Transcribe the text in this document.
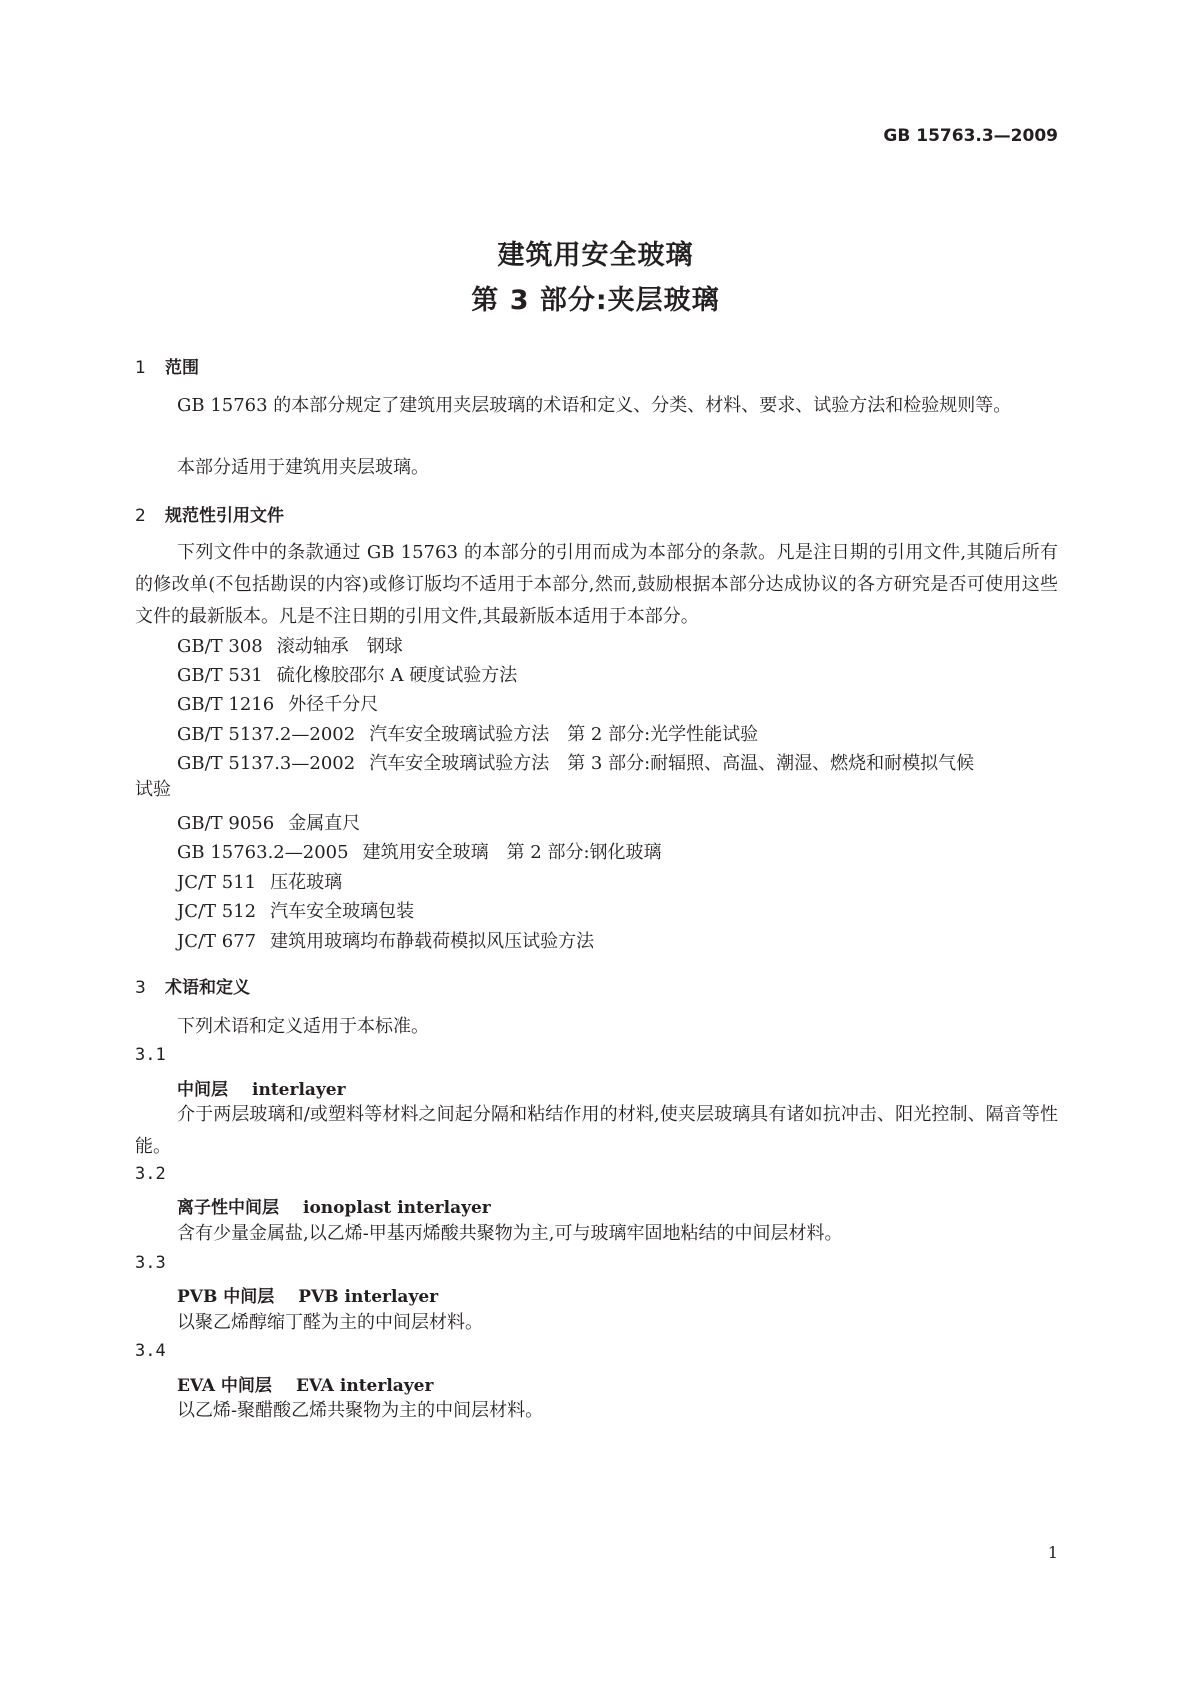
GB 15763.3—2009
建筑用安全玻璃
第 3 部分:夹层玻璃
1 范围
GB 15763 的本部分规定了建筑用夹层玻璃的术语和定义、分类、材料、要求、试验方法和检验规则等。
本部分适用于建筑用夹层玻璃。
2 规范性引用文件
下列文件中的条款通过 GB 15763 的本部分的引用而成为本部分的条款。凡是注日期的引用文件,其随后所有的修改单(不包括勘误的内容)或修订版均不适用于本部分,然而,鼓励根据本部分达成协议的各方研究是否可使用这些文件的最新版本。凡是不注日期的引用文件,其最新版本适用于本部分。
GB/T 308 滚动轴承 钢球
GB/T 531 硫化橡胶邵尔 A 硬度试验方法
GB/T 1216 外径千分尺
GB/T 5137.2—2002 汽车安全玻璃试验方法 第 2 部分:光学性能试验
GB/T 5137.3—2002 汽车安全玻璃试验方法 第 3 部分:耐辐照、高温、潮湿、燃烧和耐模拟气候
试验
GB/T 9056 金属直尺
GB 15763.2—2005 建筑用安全玻璃 第 2 部分:钢化玻璃
JC/T 511 压花玻璃
JC/T 512 汽车安全玻璃包装
JC/T 677 建筑用玻璃均布静载荷模拟风压试验方法
3 术语和定义
下列术语和定义适用于本标准。
3.1
中间层 interlayer
介于两层玻璃和/或塑料等材料之间起分隔和粘结作用的材料,使夹层玻璃具有诸如抗冲击、阳光控制、隔音等性能。
3.2
离子性中间层 ionoplast interlayer
含有少量金属盐,以乙烯-甲基丙烯酸共聚物为主,可与玻璃牢固地粘结的中间层材料。
3.3
PVB 中间层 PVB interlayer
以聚乙烯醇缩丁醛为主的中间层材料。
3.4
EVA 中间层 EVA interlayer
以乙烯-聚醋酸乙烯共聚物为主的中间层材料。
1
